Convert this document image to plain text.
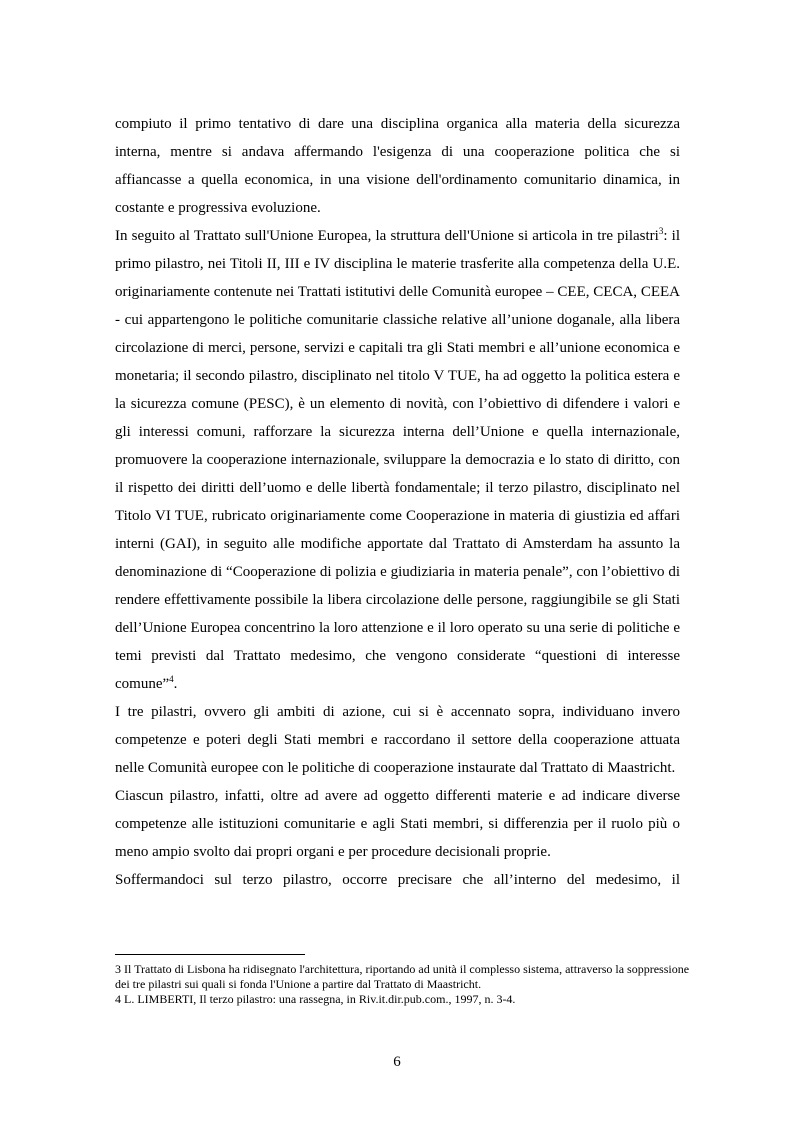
compiuto il primo tentativo di dare una disciplina organica alla materia della sicurezza interna, mentre si andava affermando l'esigenza di una cooperazione politica che si affiancasse a quella economica, in una visione dell'ordinamento comunitario dinamica, in costante e progressiva evoluzione.

In seguito al Trattato sull'Unione Europea, la struttura dell'Unione si articola in tre pilastri$^3$: il primo pilastro, nei Titoli II, III e IV disciplina le materie trasferite alla competenza della U.E. originariamente contenute nei Trattati istitutivi delle Comunità europee – CEE, CECA, CEEA - cui appartengono le politiche comunitarie classiche relative all’unione doganale, alla libera circolazione di merci, persone, servizi e capitali tra gli Stati membri e all’unione economica e monetaria; il secondo pilastro, disciplinato nel titolo V TUE, ha ad oggetto la politica estera e la sicurezza comune (PESC), è un elemento di novità, con l’obiettivo di difendere i valori e gli interessi comuni, rafforzare la sicurezza interna dell’Unione e quella internazionale, promuovere la cooperazione internazionale, sviluppare la democrazia e lo stato di diritto, con il rispetto dei diritti dell’uomo e delle libertà fondamentale; il terzo pilastro, disciplinato nel Titolo VI TUE, rubricato originariamente come Cooperazione in materia di giustizia ed affari interni (GAI), in seguito alle modifiche apportate dal Trattato di Amsterdam ha assunto la denominazione di “Cooperazione di polizia e giudiziaria in materia penale”, con l’obiettivo di rendere effettivamente possibile la libera circolazione delle persone, raggiungibile se gli Stati dell’Unione Europea concentrino la loro attenzione e il loro operato su una serie di politiche e temi previsti dal Trattato medesimo, che vengono considerate “questioni di interesse comune”$^4$.

I tre pilastri, ovvero gli ambiti di azione, cui si è accennato sopra, individuano invero competenze e poteri degli Stati membri e raccordano il settore della cooperazione attuata nelle Comunità europee con le politiche di cooperazione instaurate dal Trattato di Maastricht.

Ciascun pilastro, infatti, oltre ad avere ad oggetto differenti materie e ad indicare diverse competenze alle istituzioni comunitarie e agli Stati membri, si differenzia per il ruolo più o meno ampio svolto dai propri organi e per procedure decisionali proprie.

Soffermandoci sul terzo pilastro, occorre precisare che all’interno del medesimo, il

3 Il Trattato di Lisbona ha ridisegnato l'architettura, riportando ad unità il complesso sistema, attraverso la soppressione dei tre pilastri sui quali si fonda l'Unione a partire dal Trattato di Maastricht.

4 L. LIMBERTI, Il terzo pilastro: una rassegna, in Riv.it.dir.pub.com., 1997, n. 3-4.

6
